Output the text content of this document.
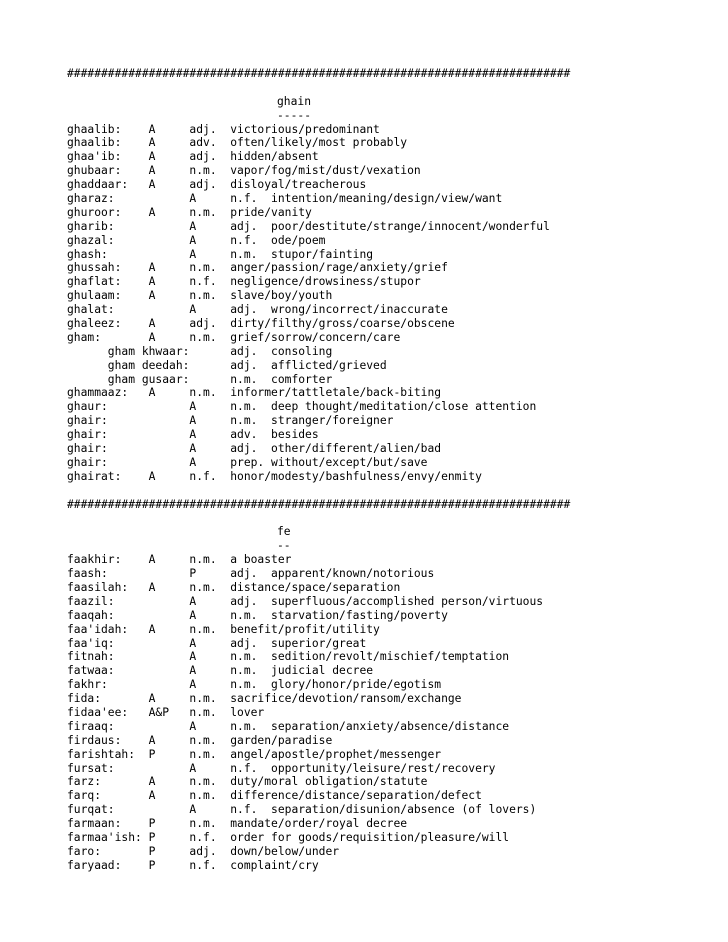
##########################################################################
ghain
-----
ghaalib:    A     adj.  victorious/predominant
ghaalib:    A     adv.  often/likely/most probably
ghaa'ib:    A     adj.  hidden/absent
ghubaar:    A     n.m.  vapor/fog/mist/dust/vexation
ghaddaar:   A     adj.  disloyal/treacherous
gharaz:           A     n.f.  intention/meaning/design/view/want
ghuroor:    A     n.m.  pride/vanity
gharib:           A     adj.  poor/destitute/strange/innocent/wonderful
ghazal:           A     n.f.  ode/poem
ghash:            A     n.m.  stupor/fainting
ghussah:    A     n.m.  anger/passion/rage/anxiety/grief
ghaflat:    A     n.f.  negligence/drowsiness/stupor
ghulaam:    A     n.m.  slave/boy/youth
ghalat:           A     adj.  wrong/incorrect/inaccurate
ghaleez:    A     adj.  dirty/filthy/gross/coarse/obscene
gham:       A     n.m.  grief/sorrow/concern/care
gham khwaar:      adj.  consoling
gham deedah:      adj.  afflicted/grieved
gham gusaar:      n.m.  comforter
ghammaaz:   A     n.m.  informer/tattletale/back-biting
ghaur:            A     n.m.  deep thought/meditation/close attention
ghair:            A     n.m.  stranger/foreigner
ghair:            A     adv.  besides
ghair:            A     adj.  other/different/alien/bad
ghair:            A     prep. without/except/but/save
ghairat:    A     n.f.  honor/modesty/bashfulness/envy/enmity
##########################################################################
fe
--
faakhir:    A     n.m.  a boaster
faash:            P     adj.  apparent/known/notorious
faasilah:   A     n.m.  distance/space/separation
faazil:           A     adj.  superfluous/accomplished person/virtuous
faaqah:           A     n.m.  starvation/fasting/poverty
faa'idah:   A     n.m.  benefit/profit/utility
faa'iq:           A     adj.  superior/great
fitnah:           A     n.m.  sedition/revolt/mischief/temptation
fatwaa:           A     n.m.  judicial decree
fakhr:            A     n.m.  glory/honor/pride/egotism
fida:       A     n.m.  sacrifice/devotion/ransom/exchange
fidaa'ee:   A&P   n.m.  lover
firaaq:           A     n.m.  separation/anxiety/absence/distance
firdaus:    A     n.m.  garden/paradise
farishtah:  P     n.m.  angel/apostle/prophet/messenger
fursat:           A     n.f.  opportunity/leisure/rest/recovery
farz:       A     n.m.  duty/moral obligation/statute
farq:       A     n.m.  difference/distance/separation/defect
furqat:           A     n.f.  separation/disunion/absence (of lovers)
farmaan:    P     n.m.  mandate/order/royal decree
farmaa'ish: P     n.f.  order for goods/requisition/pleasure/will
faro:       P     adj.  down/below/under
faryaad:    P     n.f.  complaint/cry
